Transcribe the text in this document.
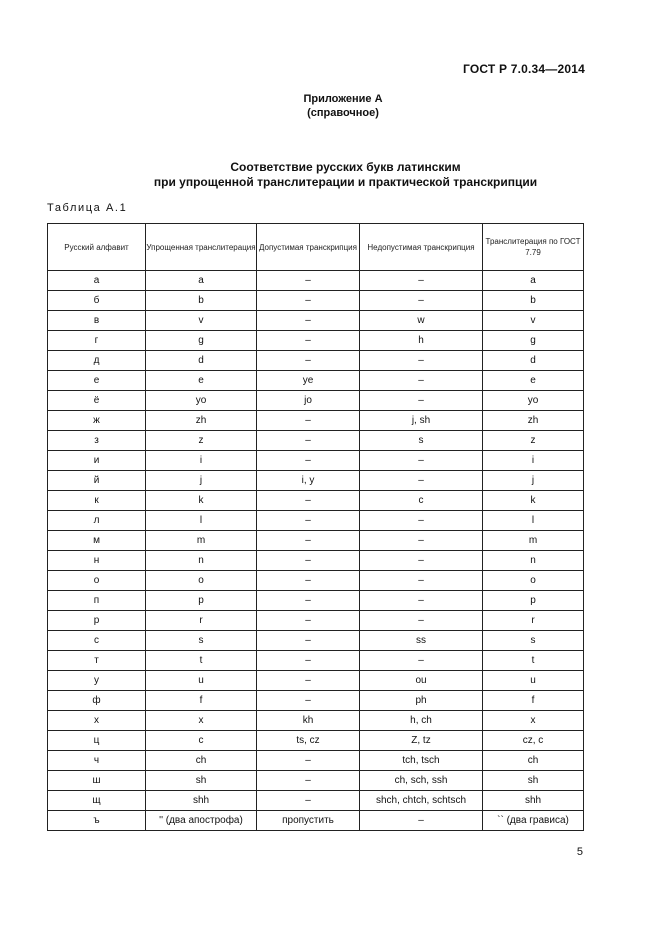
ГОСТ Р 7.0.34—2014
Приложение А
(справочное)
Соответствие русских букв латинским
при упрощенной транслитерации и практической транскрипции
Таблица А.1
Русский алфавит	Упрощенная транслитерация	Допустимая транскрипция	Недопустимая транскрипция	Транслитерация по ГОСТ 7.79
а	a	–	–	a
б	b	–	–	b
в	v	–	w	v
г	g	–	h	g
д	d	–	–	d
е	e	ye	–	e
ё	yo	jo	–	yo
ж	zh	–	j, sh	zh
з	z	–	s	z
и	i	–	–	i
й	j	i, y	–	j
к	k	–	c	k
л	l	–	–	l
м	m	–	–	m
н	n	–	–	n
о	o	–	–	o
п	p	–	–	p
р	r	–	–	r
с	s	–	ss	s
т	t	–	–	t
у	u	–	ou	u
ф	f	–	ph	f
х	x	kh	h, ch	x
ц	c	ts, cz	Z, tz	cz, c
ч	ch	–	tch, tsch	ch
ш	sh	–	ch, sch, ssh	sh
щ	shh	–	shch, chtch, schtsch	shh
ъ	'' (два апострофа)	пропустить	–	`` (два грависа)
5
